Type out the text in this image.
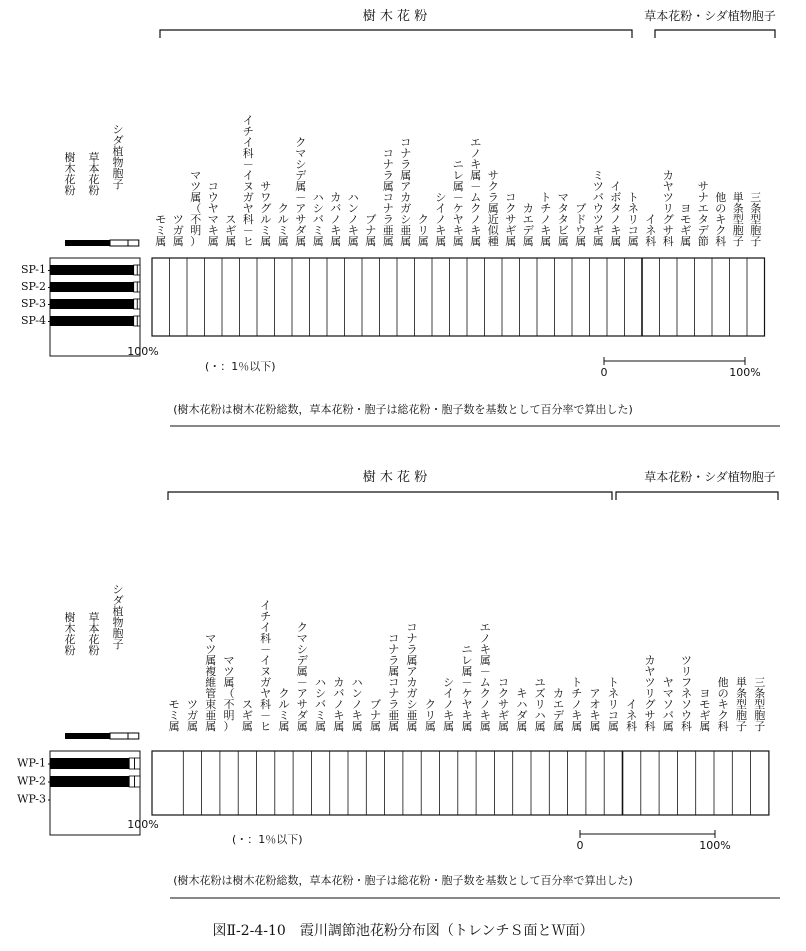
樹 木 花 粉	草本花粉・シダ植物胞子
樹木花粉
草本花粉
シダ植物胞子
100%
モミ属
ツガ属
マツ属（不明）
コウヤマキ属
スギ属
イチイ科－イヌガヤ科－ヒ
サワグルミ属
クルミ属
クマシデ属－アサダ属
ハシバミ属
カバノキ属
ハンノキ属
ブナ属
コナラ属コナラ亜属
コナラ属アカガシ亜属
クリ属
シイノキ属
ニレ属－ケヤキ属
エノキ属－ムクノキ属
サクラ属近似種
コクサギ属
カエデ属
トチノキ属
マタタビ属
ブドウ属
ミツバウツギ属
イボタノキ属
トネリコ属
イネ科
カヤツリグサ科
ヨモギ属
サナエタデ節
他のキク科
単条型胞子
三条型胞子
SP-1
SP-2
SP-3
SP-4
(・：1％以下)	0	100%
(樹木花粉は樹木花粉総数，草本花粉・胞子は総花粉・胞子数を基数として百分率で算出した)
樹 木 花 粉	草本花粉・シダ植物胞子
樹木花粉
草本花粉
シダ植物胞子
100%
モミ属
ツガ属
マツ属複維管束亜属
マツ属（不明）
スギ属
イチイ科－イヌガヤ科－ヒ
クルミ属
クマシデ属－アサダ属
ハシバミ属
カバノキ属
ハンノキ属
ブナ属
コナラ属コナラ亜属
コナラ属アカガシ亜属
クリ属
シイノキ属
ニレ属－ケヤキ属
エノキ属－ムクノキ属
コクサギ属
キハダ属
ユズリハ属
カエデ属
トチノキ属
アオキ属
トネリコ属
イネ科
カヤツリグサ科
ヤマソバ属
ツリフネソウ科
ヨモギ属
他のキク科
単条型胞子
三条型胞子
WP-1
WP-2
WP-3
(・：1％以下)	0	100%
(樹木花粉は樹木花粉総数，草本花粉・胞子は総花粉・胞子数を基数として百分率で算出した)
図Ⅱ-2-4-10　霞川調節池花粉分布図（トレンチＳ面とＷ面）
